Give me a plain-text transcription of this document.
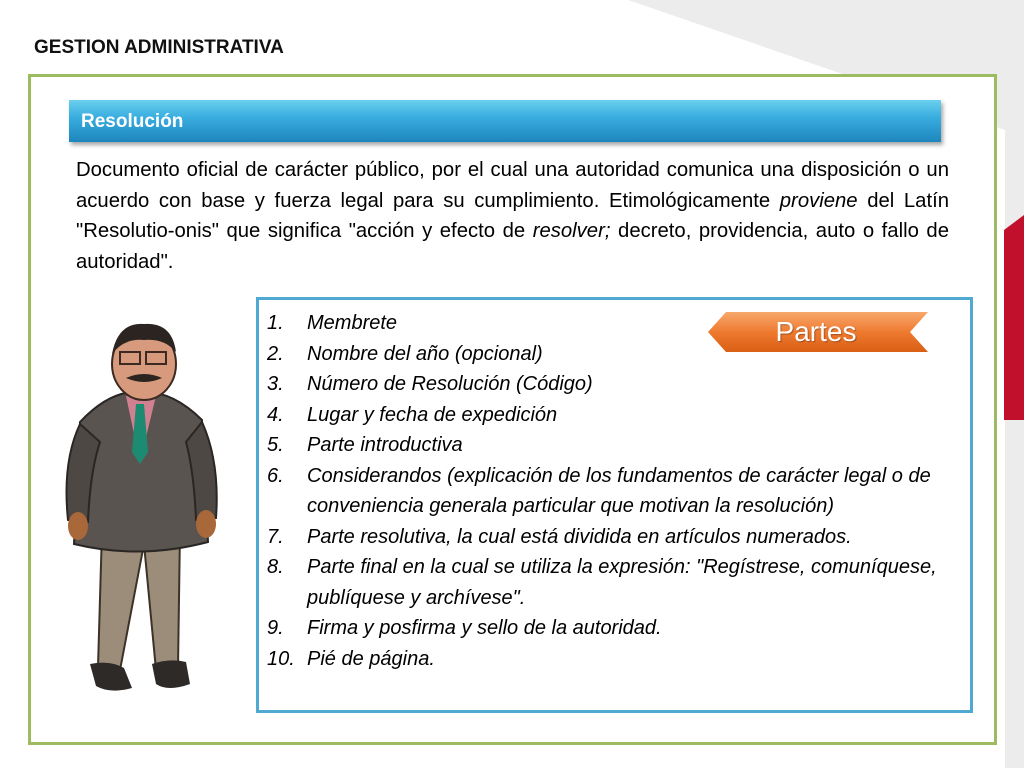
GESTION ADMINISTRATIVA
Resolución
Documento oficial de carácter público, por el cual una autoridad comunica una disposición o un acuerdo con base y fuerza legal para su cumplimiento. Etimológicamente proviene del Latín "Resolutio-onis" que significa "acción y efecto de resolver; decreto, providencia, auto o fallo de autoridad".
1.	Membrete
2.	Nombre del año (opcional)
3.	Número de Resolución (Código)
4.	Lugar y fecha de expedición
5.	Parte introductiva
6.	Considerandos (explicación de los fundamentos de carácter legal o de conveniencia generala particular que motivan la resolución)
7.	Parte resolutiva, la cual está dividida en artículos numerados.
8.	Parte final en la cual se utiliza la expresión: "Regístrese, comuníquese, publíquese y archívese".
9.	Firma y posfirma y sello de la autoridad.
10. Pié de página.
Partes
